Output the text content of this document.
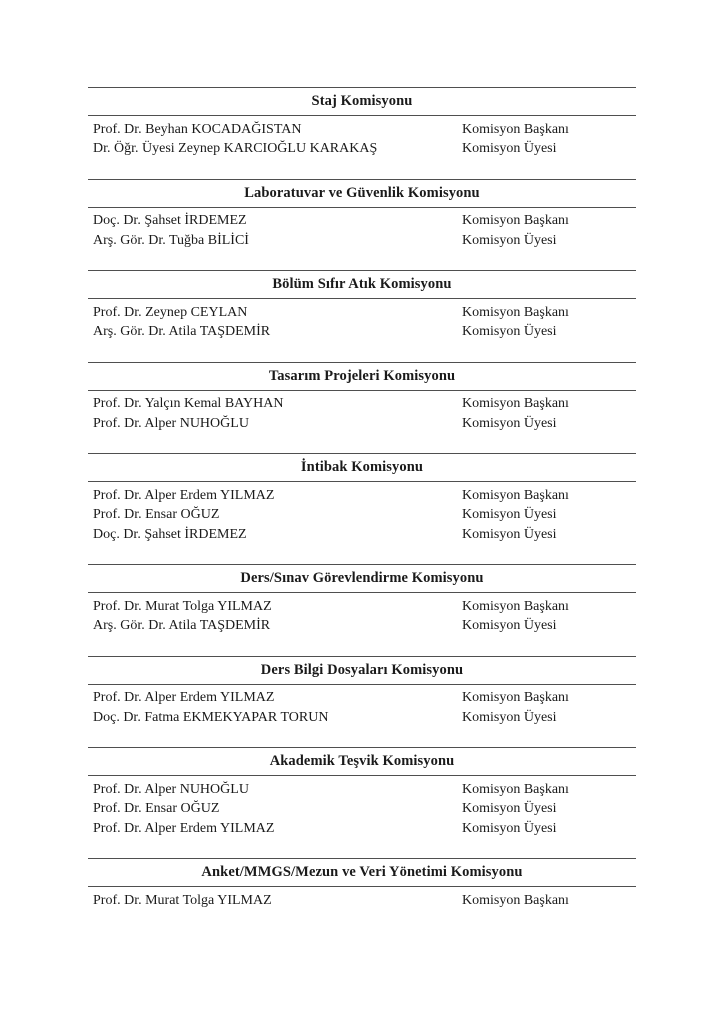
Staj Komisyonu
Prof. Dr. Beyhan KOCADAĞISTAN	Komisyon Başkanı
Dr. Öğr. Üyesi Zeynep KARCIOĞLU KARAKAŞ	Komisyon Üyesi
Laboratuvar ve Güvenlik Komisyonu
Doç. Dr. Şahset İRDEMEZ	Komisyon Başkanı
Arş. Gör. Dr. Tuğba BİLİCİ	Komisyon Üyesi
Bölüm Sıfır Atık Komisyonu
Prof. Dr. Zeynep CEYLAN	Komisyon Başkanı
Arş. Gör. Dr. Atila TAŞDEMİR	Komisyon Üyesi
Tasarım Projeleri Komisyonu
Prof. Dr. Yalçın Kemal BAYHAN	Komisyon Başkanı
Prof. Dr. Alper NUHOĞLU	Komisyon Üyesi
İntibak Komisyonu
Prof. Dr. Alper Erdem YILMAZ	Komisyon Başkanı
Prof. Dr. Ensar OĞUZ	Komisyon Üyesi
Doç. Dr. Şahset İRDEMEZ	Komisyon Üyesi
Ders/Sınav Görevlendirme Komisyonu
Prof. Dr. Murat Tolga YILMAZ	Komisyon Başkanı
Arş. Gör. Dr. Atila TAŞDEMİR	Komisyon Üyesi
Ders Bilgi Dosyaları Komisyonu
Prof. Dr. Alper Erdem YILMAZ	Komisyon Başkanı
Doç. Dr. Fatma EKMEKYAPAR TORUN	Komisyon Üyesi
Akademik Teşvik Komisyonu
Prof. Dr. Alper NUHOĞLU	Komisyon Başkanı
Prof. Dr. Ensar OĞUZ	Komisyon Üyesi
Prof. Dr. Alper Erdem YILMAZ	Komisyon Üyesi
Anket/MMGS/Mezun ve Veri Yönetimi Komisyonu
Prof. Dr. Murat Tolga YILMAZ	Komisyon Başkanı
